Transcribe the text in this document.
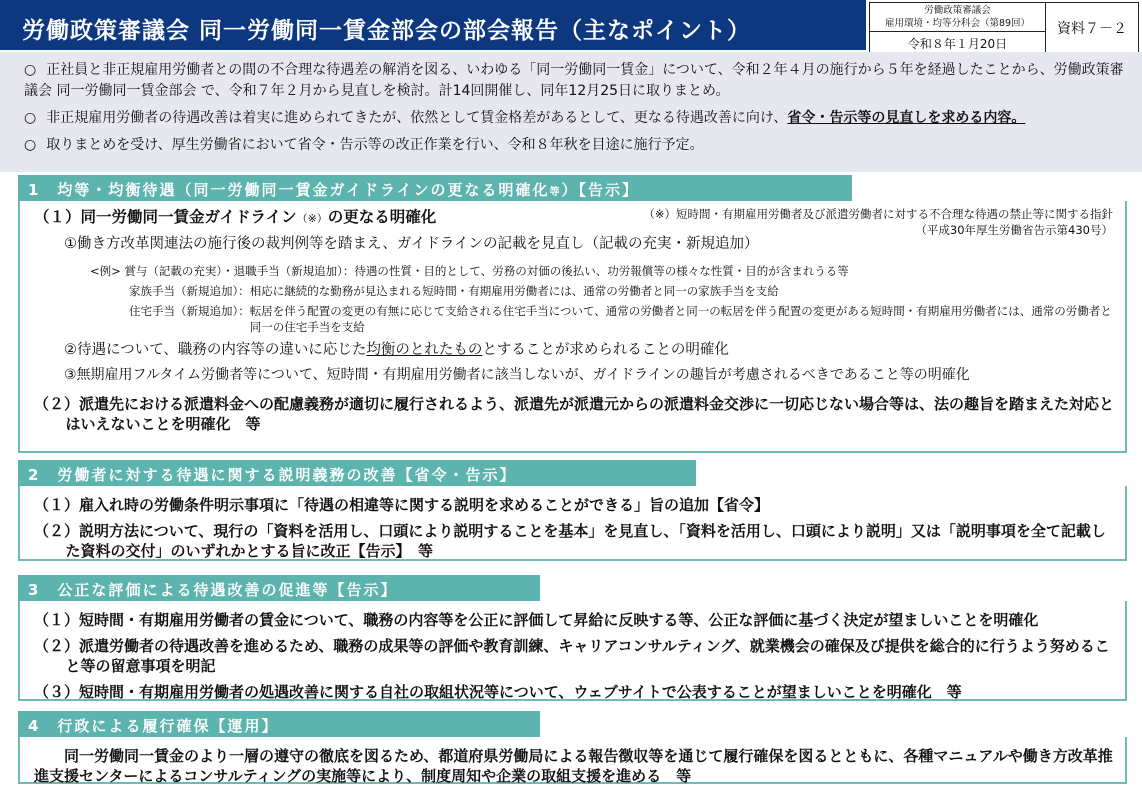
労働政策審議会 同一労働同一賃金部会の部会報告（主なポイント）
労働政策審議会
雇用環境・均等分科会（第89回）
令和８年１月20日
資料７－２

○ 正社員と非正規雇用労働者との間の不合理な待遇差の解消を図る、いわゆる「同一労働同一賃金」について、令和２年４月の施行から５年を経過したことから、労働政策審議会 同一労働同一賃金部会 で、令和７年２月から見直しを検討。計14回開催し、同年12月25日に取りまとめ。

○ 非正規雇用労働者の待遇改善は着実に進められてきたが、依然として賃金格差があるとして、更なる待遇改善に向け、省令・告示等の見直しを求める内容。

○ 取りまとめを受け、厚生労働省において省令・告示等の改正作業を行い、令和８年秋を目途に施行予定。

1　均等・均衡待遇（同一労働同一賃金ガイドラインの更なる明確化等）【告示】
（※）短時間・有期雇用労働者及び派遣労働者に対する不合理な待遇の禁止等に関する指針
（平成30年厚生労働省告示第430号）
（１）同一労働同一賃金ガイドライン（※）の更なる明確化
①働き方改革関連法の施行後の裁判例等を踏まえ、ガイドラインの記載を見直し（記載の充実・新規追加）
<例> 賞与（記載の充実）・退職手当（新規追加）：待遇の性質・目的として、労務の対価の後払い、功労報償等の様々な性質・目的が含まれうる等
家族手当（新規追加）：相応に継続的な勤務が見込まれる短時間・有期雇用労働者には、通常の労働者と同一の家族手当を支給
住宅手当（新規追加）： 転居を伴う配置の変更の有無に応じて支給される住宅手当について、通常の労働者と同一の転居を伴う配置の変更がある短時間・有期雇用労働者には、通常の労働者と同一の住宅手当を支給
②待遇について、職務の内容等の違いに応じた均衡のとれたものとすることが求められることの明確化
③無期雇用フルタイム労働者等について、短時間・有期雇用労働者に該当しないが、ガイドラインの趣旨が考慮されるべきであること等の明確化
（２）派遣先における派遣料金への配慮義務が適切に履行されるよう、派遣先が派遣元からの派遣料金交渉に一切応じない場合等は、法の趣旨を踏まえた対応とはいえないことを明確化　等
2　労働者に対する待遇に関する説明義務の改善【省令・告示】
（１）雇入れ時の労働条件明示事項に「待遇の相違等に関する説明を求めることができる」旨の追加【省令】
（２）説明方法について、現行の「資料を活用し、口頭により説明することを基本」を見直し、「資料を活用し、口頭により説明」又は「説明事項を全て記載した資料の交付」のいずれかとする旨に改正【告示】　等
3　公正な評価による待遇改善の促進等【告示】
（１）短時間・有期雇用労働者の賃金について、職務の内容等を公正に評価して昇給に反映する等、公正な評価に基づく決定が望ましいことを明確化
（２）派遣労働者の待遇改善を進めるため、職務の成果等の評価や教育訓練、キャリアコンサルティング、就業機会の確保及び提供を総合的に行うよう努めること等の留意事項を明記
（３）短時間・有期雇用労働者の処遇改善に関する自社の取組状況等について、ウェブサイトで公表することが望ましいことを明確化　等
4　行政による履行確保【運用】
同一労働同一賃金のより一層の遵守の徹底を図るため、都道府県労働局による報告徴収等を通じて履行確保を図るとともに、各種マニュアルや働き方改革推進支援センターによるコンサルティングの実施等により、制度周知や企業の取組支援を進める　等
